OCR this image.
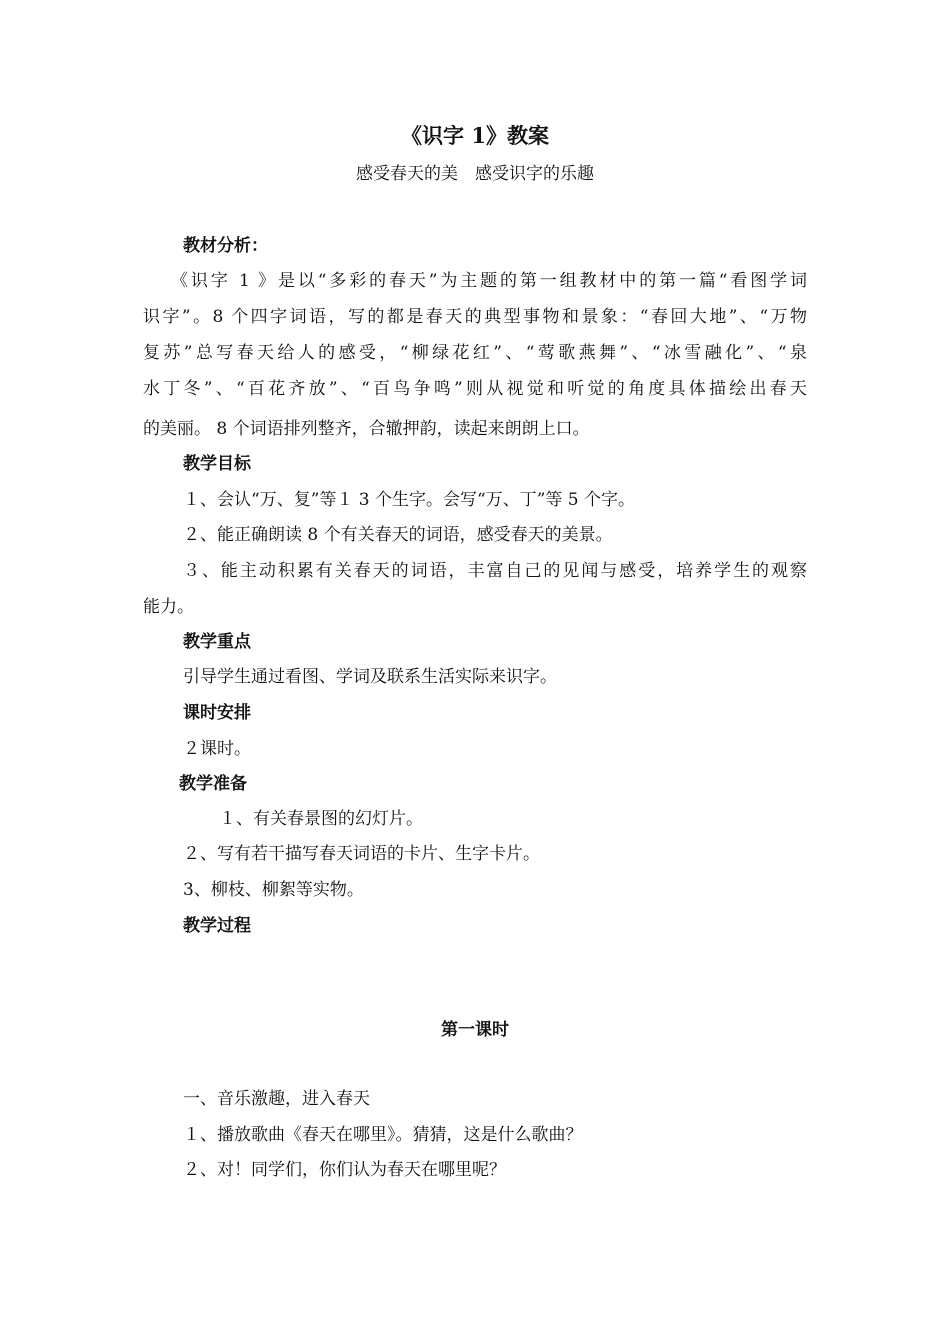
《识字 1》教案
感受春天的美　感受识字的乐趣
教材分析：
《识字 1 》是以“多彩的春天”为主题的第一组教材中的第一篇“看图学词
识字”。8 个四字词语，写的都是春天的典型事物和景象：“春回大地”、“万物
复苏”总写春天给人的感受，“柳绿花红”、“莺歌燕舞”、“冰雪融化”、“泉
水丁冬”、“百花齐放”、“百鸟争鸣”则从视觉和听觉的角度具体描绘出春天
的美丽。 8 个词语排列整齐，合辙押韵，读起来朗朗上口。
教学目标
１、会认“万、复”等１ 3 个生字。会写“万、丁”等 5 个字。
２、能正确朗读 8 个有关春天的词语，感受春天的美景。
３、能主动积累有关春天的词语，丰富自己的见闻与感受，培养学生的观察
能力。
教学重点
引导学生通过看图、学词及联系生活实际来识字。
课时安排
２课时。
教学准备
１、有关春景图的幻灯片。
２、写有若干描写春天词语的卡片、生字卡片。
3、柳枝、柳絮等实物。
教学过程
第一课时
一、音乐激趣，进入春天
１、播放歌曲《春天在哪里》。猜猜，这是什么歌曲？
２、对！同学们，你们认为春天在哪里呢？
